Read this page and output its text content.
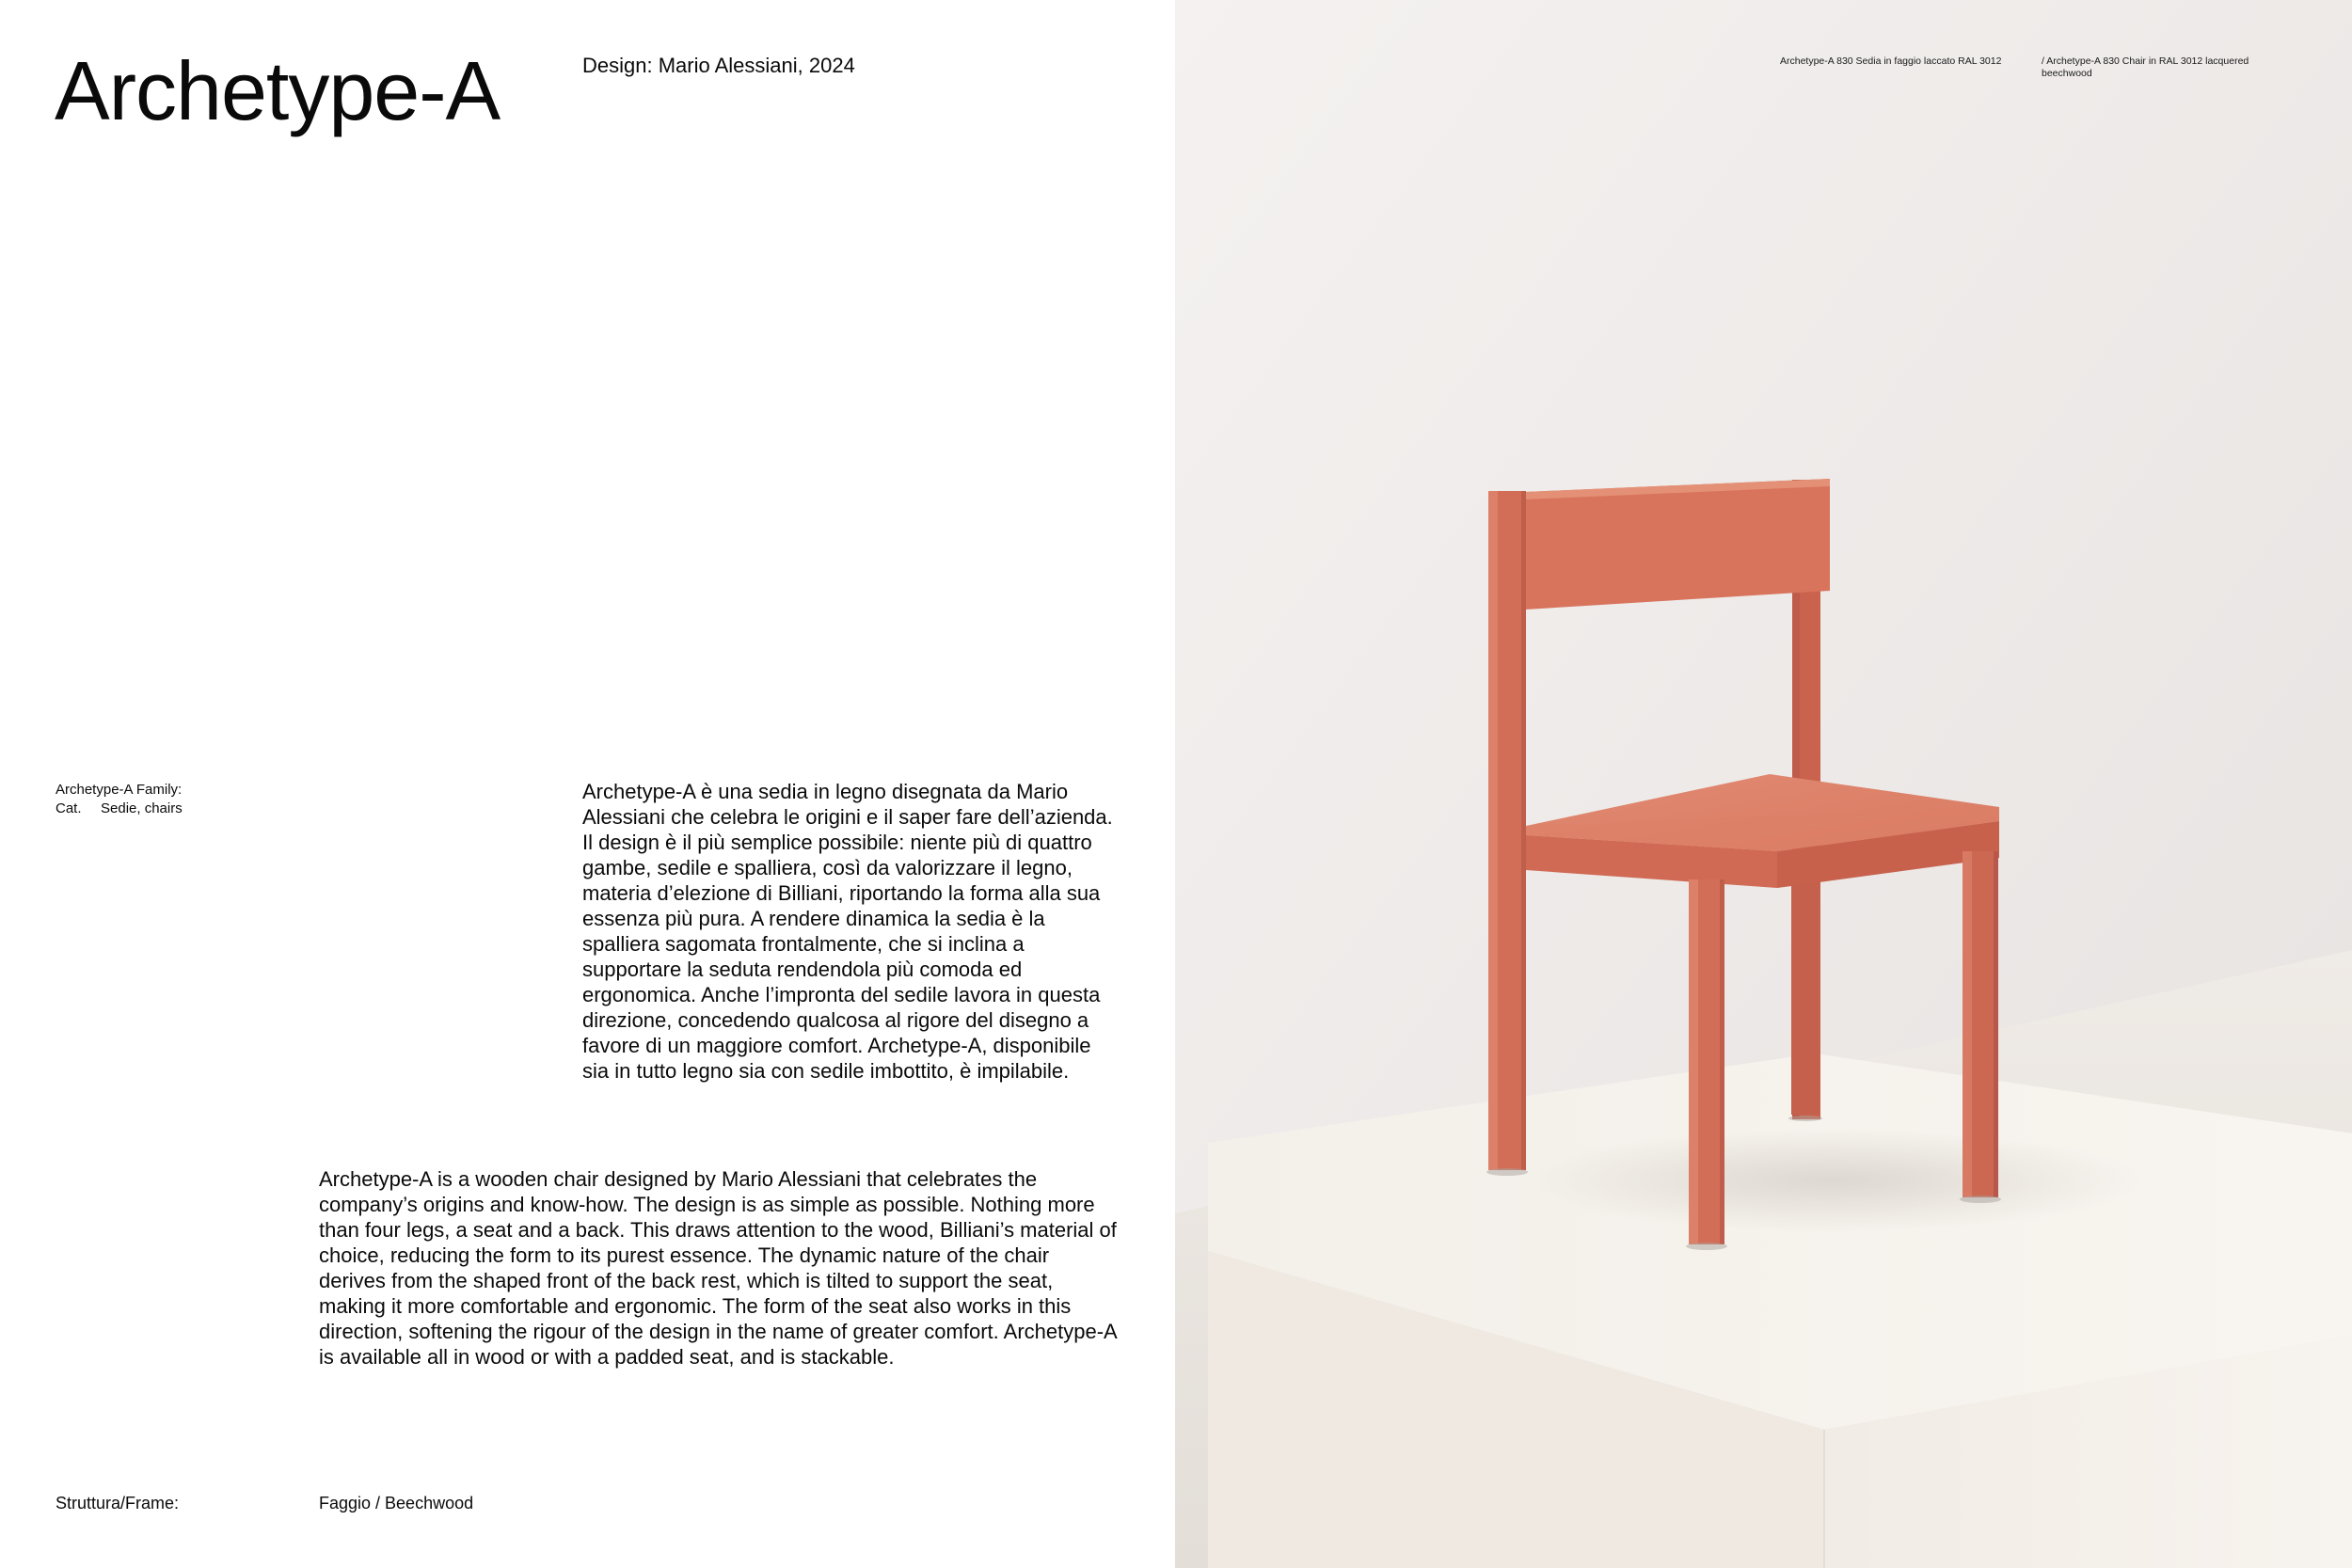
Archetype-A	Design: Mario Alessiani, 2024
Archetype-A Family:
Cat. Sedie, chairs

Archetype-A è una sedia in legno disegnata da Mario Alessiani che celebra le origini e il saper fare dell’azienda. Il design è il più semplice possibile: niente più di quattro gambe, sedile e spalliera, così da valorizzare il legno, materia d’elezione di Billiani, riportando la forma alla sua essenza più pura. A rendere dinamica la sedia è la spalliera sagomata frontalmente, che si inclina a supportare la seduta rendendola più comoda ed ergonomica. Anche l’impronta del sedile lavora in questa direzione, concedendo qualcosa al rigore del disegno a favore di un maggiore comfort. Archetype-A, disponibile sia in tutto legno sia con sedile imbottito, è impilabile.

Archetype-A is a wooden chair designed by Mario Alessiani that celebrates the company’s origins and know-how. The design is as simple as possible. Nothing more than four legs, a seat and a back. This draws attention to the wood, Billiani’s material of choice, reducing the form to its purest essence. The dynamic nature of the chair derives from the shaped front of the back rest, which is tilted to support the seat, making it more comfortable and ergonomic. The form of the seat also works in this direction, softening the rigour of the design in the name of greater comfort. Archetype-A is available all in wood or with a padded seat, and is stackable.

Struttura/Frame:	Faggio / Beechwood
Archetype-A 830 Sedia in faggio laccato RAL 3012	/ Archetype-A 830 Chair in RAL 3012 lacquered beechwood
